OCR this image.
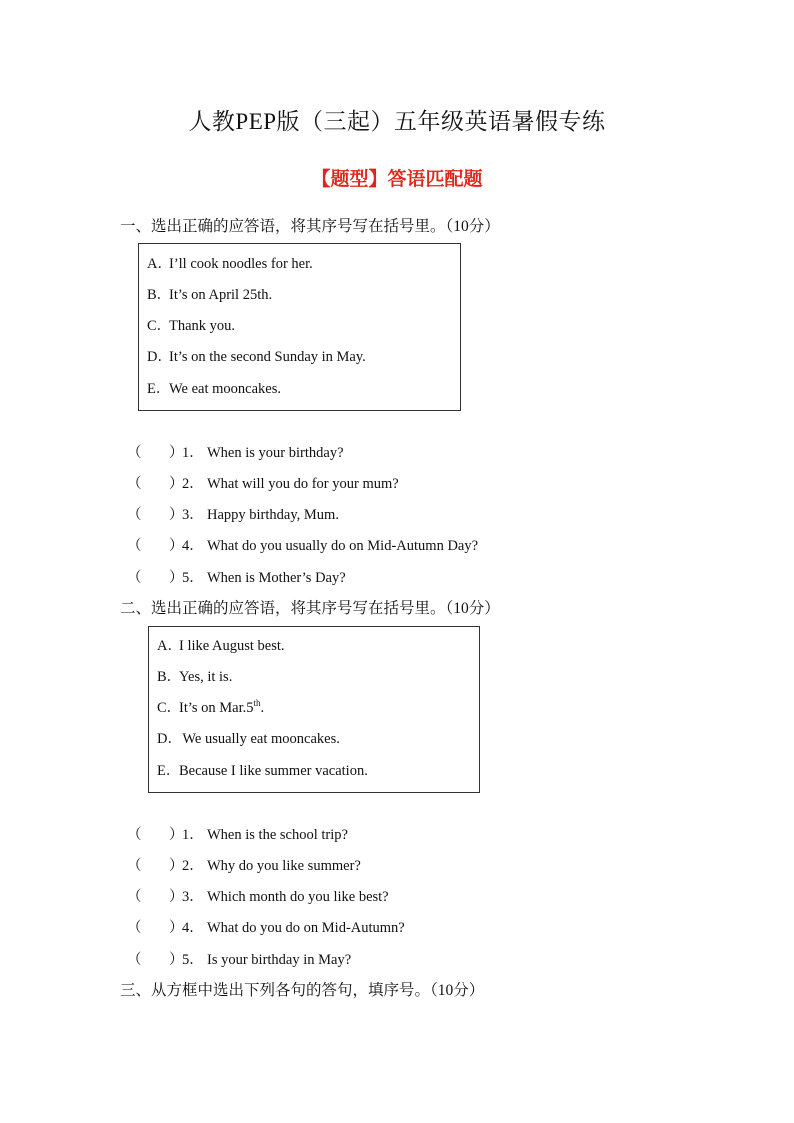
人教PEP版（三起）五年级英语暑假专练
【题型】答语匹配题
一、选出正确的应答语，将其序号写在括号里。（10分）
A．I’ll cook noodles for her.
B．It’s on April 25th.
C．Thank you.
D．It’s on the second Sunday in May.
E．We eat mooncakes.
（ ）
1． When is your birthday?
（ ）
2． What will you do for your mum?
（ ）
3． Happy birthday, Mum.
（ ）
4． What do you usually do on Mid-Autumn Day?
（ ）
5． When is Mother’s Day?
二、选出正确的应答语，将其序号写在括号里。（10分）
A．I like August best.
B．Yes, it is.
C．It’s on Mar.5th.
D． We usually eat mooncakes.
E．Because I like summer vacation.
（ ）
1． When is the school trip?
（ ）
2． Why do you like summer?
（ ）
3． Which month do you like best?
（ ）
4． What do you do on Mid-Autumn?
（ ）
5． Is your birthday in May?
三、从方框中选出下列各句的答句，填序号。（10分）
